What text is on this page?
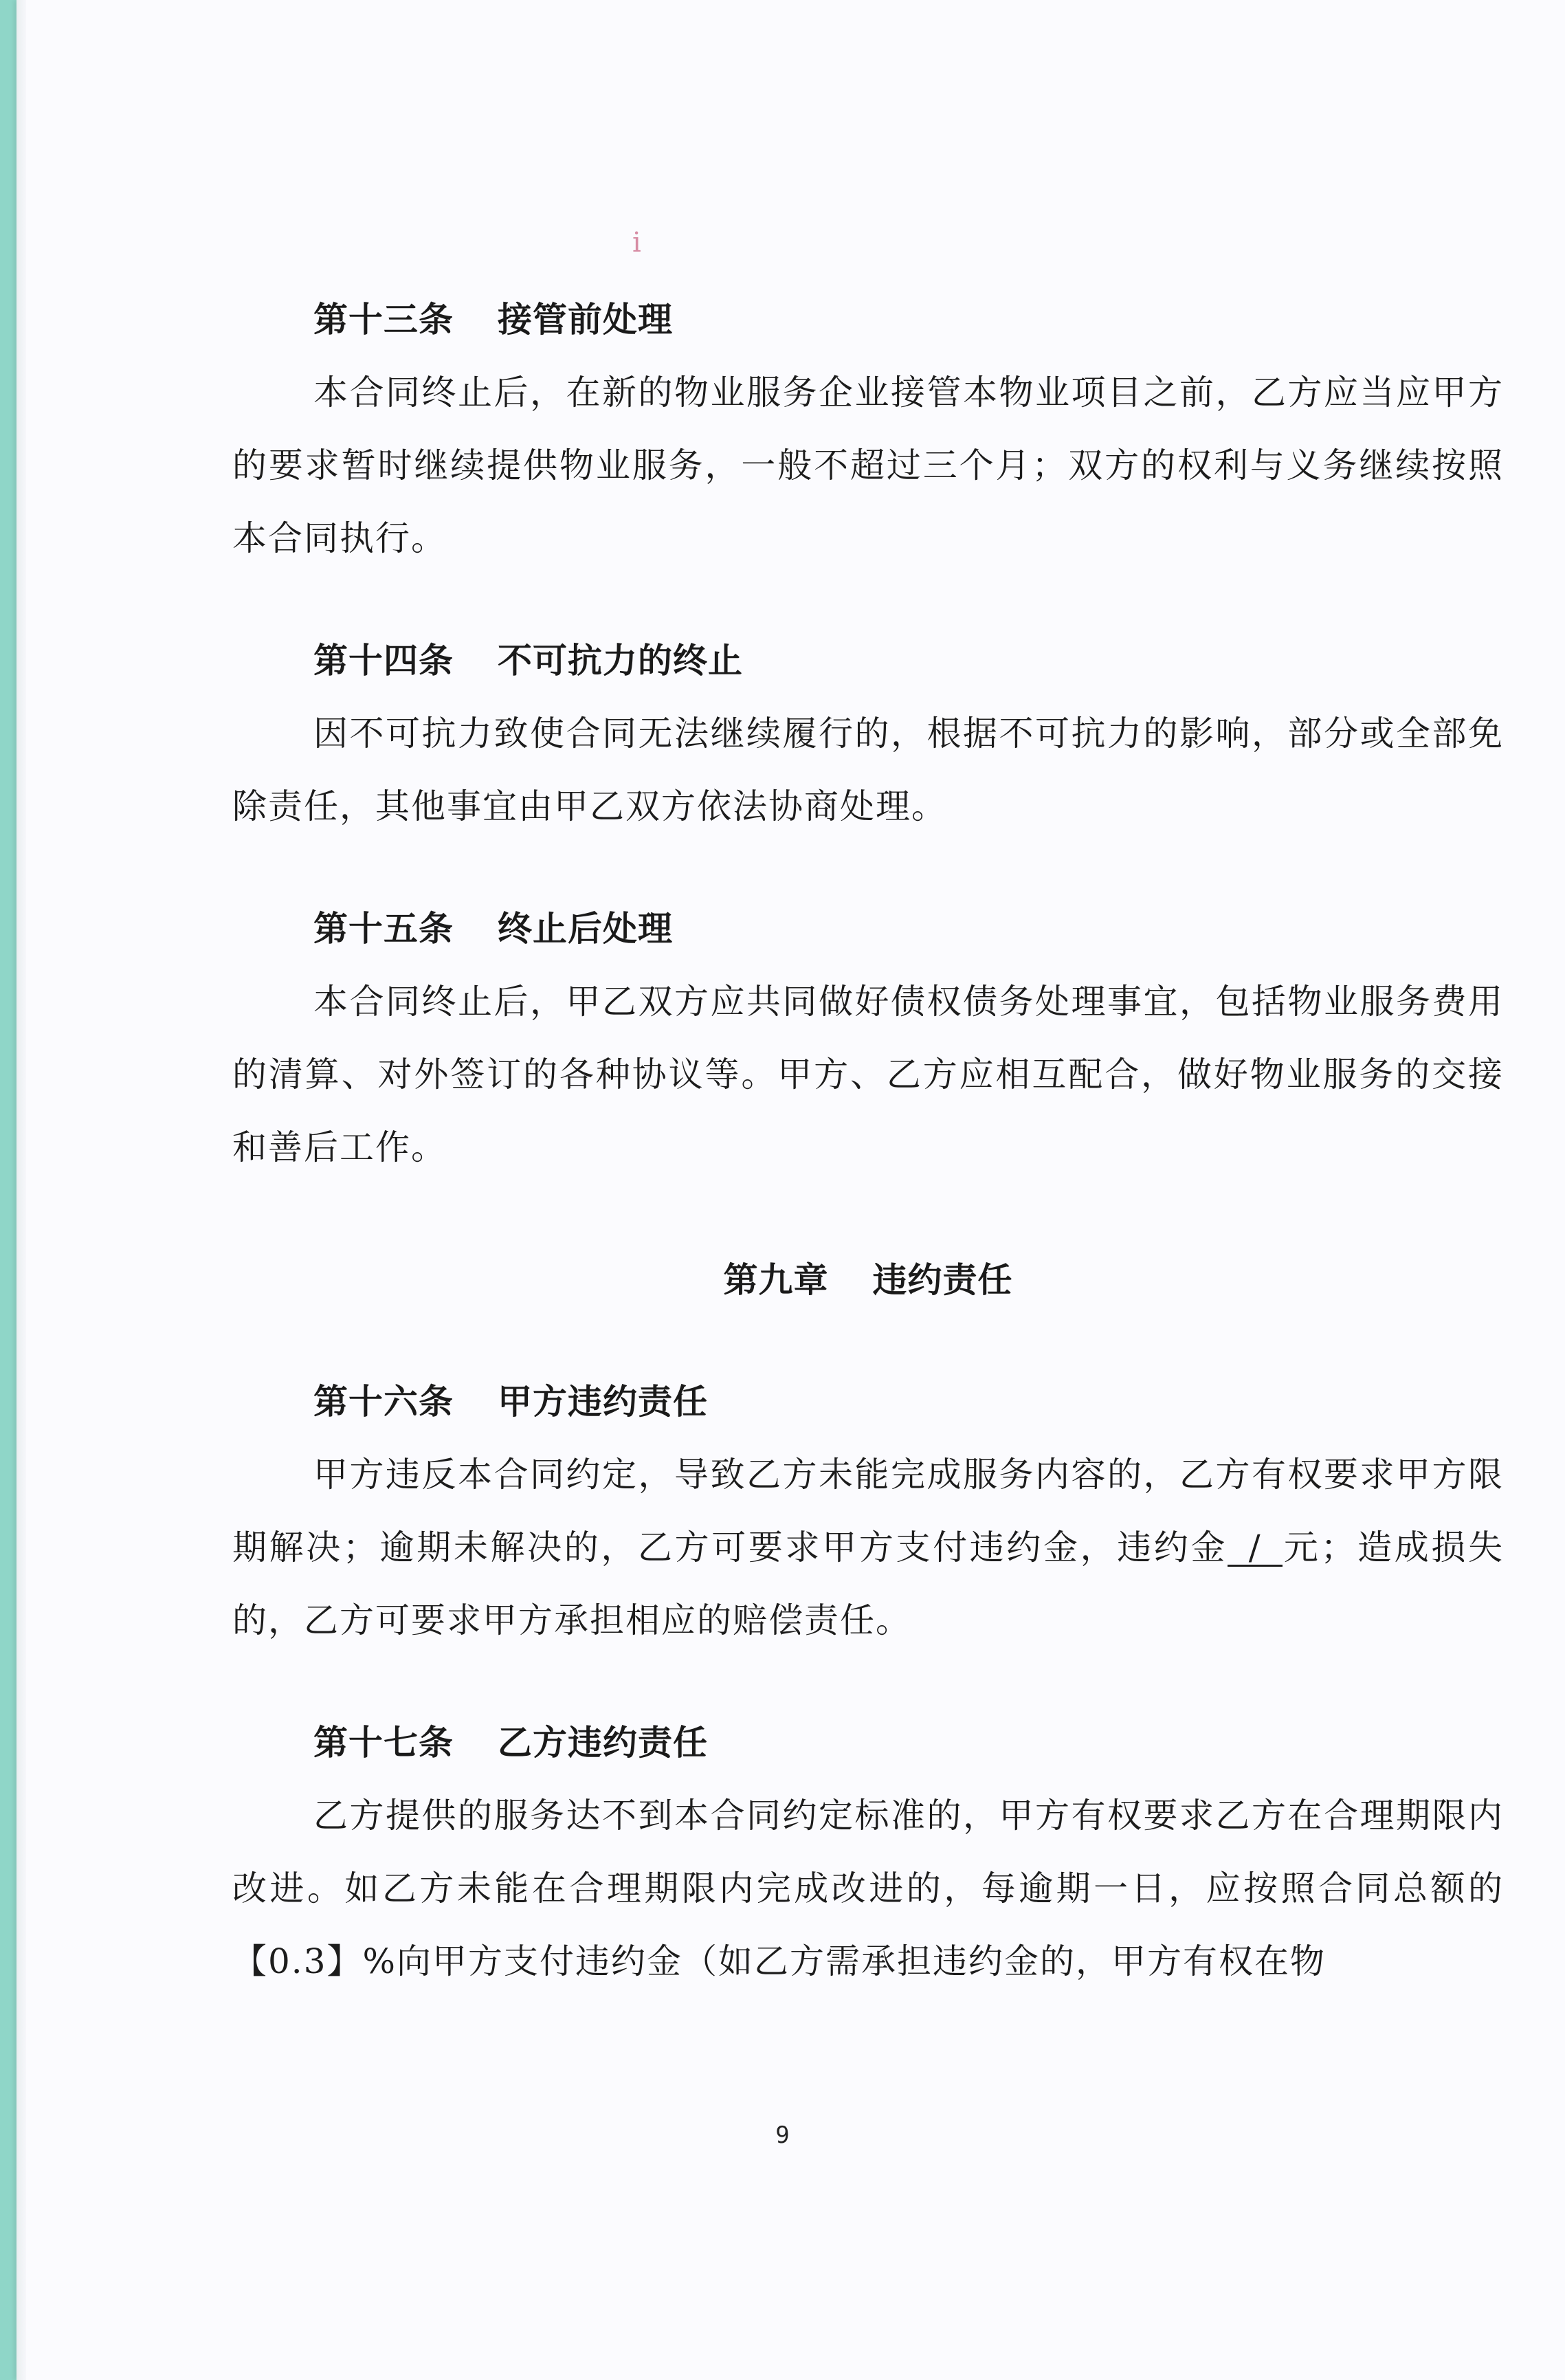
第十三条 接管前处理

本合同终止后，在新的物业服务企业接管本物业项目之前，乙方应当应甲方的要求暂时继续提供物业服务，一般不超过三个月；双方的权利与义务继续按照本合同执行。

第十四条 不可抗力的终止

因不可抗力致使合同无法继续履行的，根据不可抗力的影响，部分或全部免除责任，其他事宜由甲乙双方依法协商处理。

第十五条 终止后处理

本合同终止后，甲乙双方应共同做好债权债务处理事宜，包括物业服务费用的清算、对外签订的各种协议等。甲方、乙方应相互配合，做好物业服务的交接和善后工作。

第九章 违约责任
第十六条 甲方违约责任

甲方违反本合同约定，导致乙方未能完成服务内容的，乙方有权要求甲方限期解决；逾期未解决的，乙方可要求甲方支付违约金，违约金 / 元；造成损失的，乙方可要求甲方承担相应的赔偿责任。

第十七条 乙方违约责任

乙方提供的服务达不到本合同约定标准的，甲方有权要求乙方在合理期限内改进。如乙方未能在合理期限内完成改进的，每逾期一日，应按照合同总额的【0.3】%向甲方支付违约金（如乙方需承担违约金的，甲方有权在物

9
ⅰ
